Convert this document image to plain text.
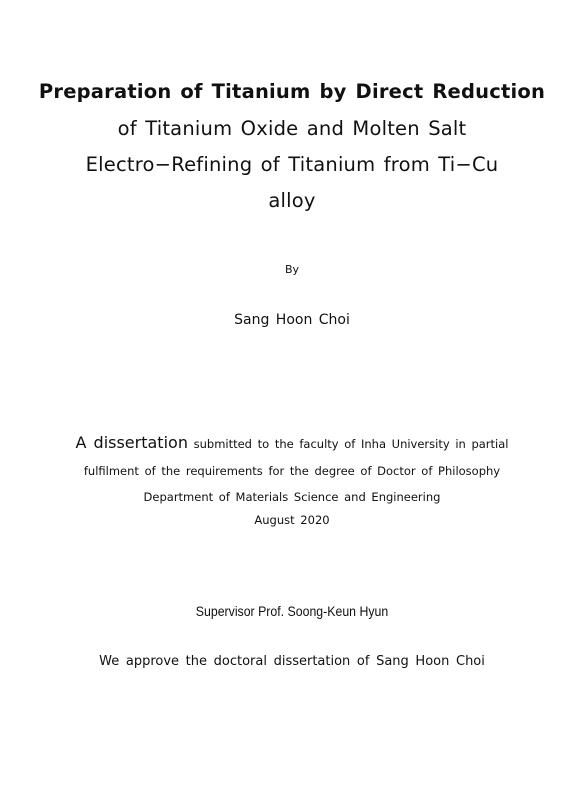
Preparation of Titanium by Direct Reduction
of Titanium Oxide and Molten Salt
Electro−Refining of Titanium from Ti−Cu
alloy
By
Sang Hoon Choi
A dissertation submitted to the faculty of Inha University in partial
fulfilment of the requirements for the degree of Doctor of Philosophy
Department of Materials Science and Engineering
August 2020
Supervisor Prof. Soong-Keun Hyun
We approve the doctoral dissertation of Sang Hoon Choi
